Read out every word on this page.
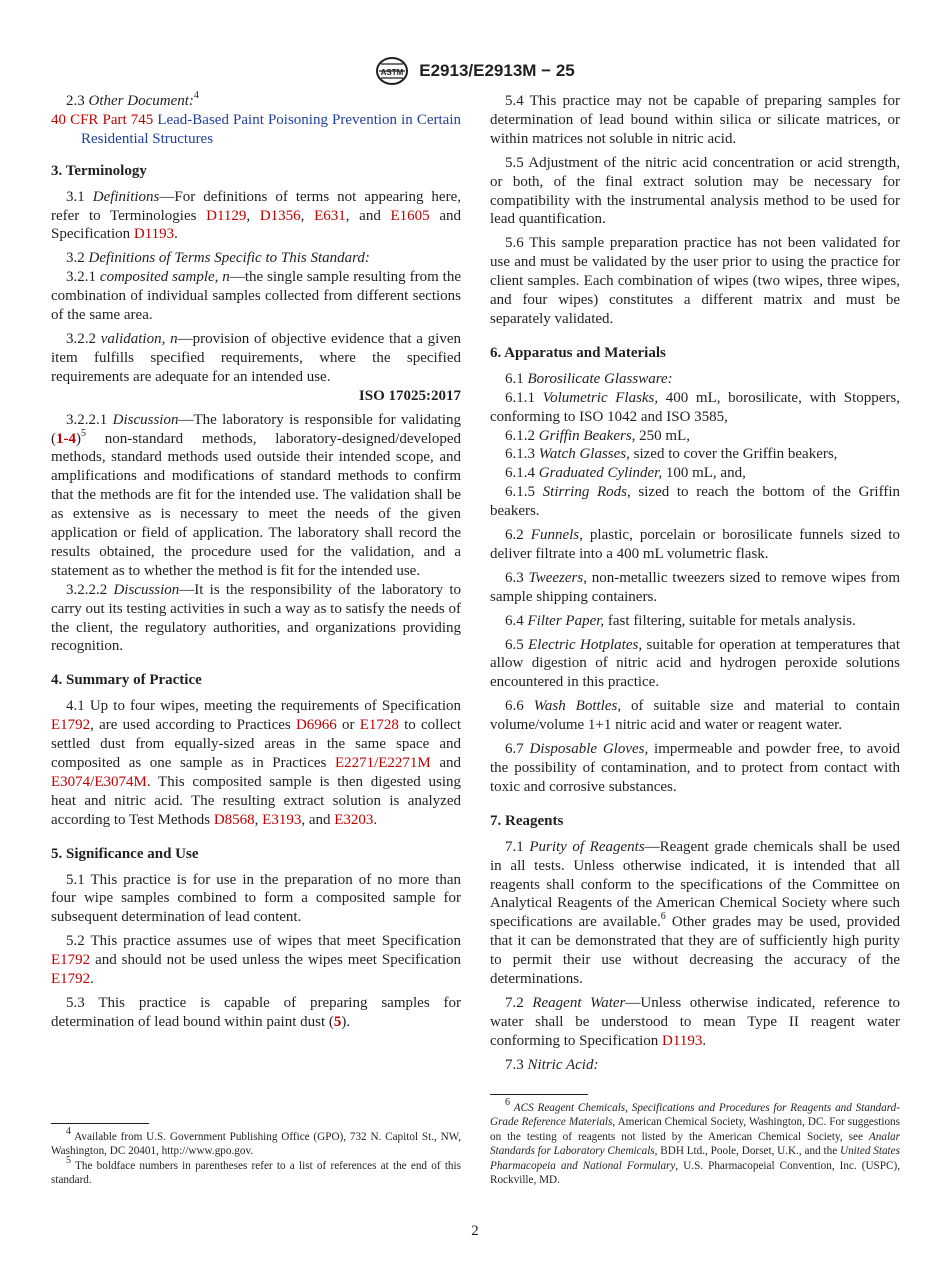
ASTM E2913/E2913M − 25

2.3 Other Document:$^4$

40 CFR Part 745 Lead-Based Paint Poisoning Prevention in Certain Residential Structures

3. Terminology

3.1 Definitions—For definitions of terms not appearing here, refer to Terminologies D1129, D1356, E631, and E1605 and Specification D1193.

3.2 Definitions of Terms Specific to This Standard:

3.2.1 composited sample, n—the single sample resulting from the combination of individual samples collected from different sections of the same area.

3.2.2 validation, n—provision of objective evidence that a given item fulfills specified requirements, where the specified requirements are adequate for an intended use.

ISO 17025:2017

3.2.2.1 Discussion—The laboratory is responsible for validating $(1-4)^5$ non-standard methods, laboratory-designed/developed methods, standard methods used outside their intended scope, and amplifications and modifications of standard methods to confirm that the methods are fit for the intended use. The validation shall be as extensive as is necessary to meet the needs of the given application or field of application. The laboratory shall record the results obtained, the procedure used for the validation, and a statement as to whether the method is fit for the intended use.

3.2.2.2 Discussion—It is the responsibility of the laboratory to carry out its testing activities in such a way as to satisfy the needs of the client, the regulatory authorities, and organizations providing recognition.

4. Summary of Practice

4.1 Up to four wipes, meeting the requirements of Specification E1792, are used according to Practices D6966 or E1728 to collect settled dust from equally-sized areas in the same space and composited as one sample as in Practices E2271/E2271M and E3074/E3074M. This composited sample is then digested using heat and nitric acid. The resulting extract solution is analyzed according to Test Methods D8568, E3193, and E3203.

5. Significance and Use

5.1 This practice is for use in the preparation of no more than four wipe samples combined to form a composited sample for subsequent determination of lead content.

5.2 This practice assumes use of wipes that meet Specification E1792 and should not be used unless the wipes meet Specification E1792.

5.3 This practice is capable of preparing samples for determination of lead bound within paint dust (5).

$^4$ Available from U.S. Government Publishing Office (GPO), 732 N. Capitol St., NW, Washington, DC 20401, http://www.gpo.gov.

$^5$ The boldface numbers in parentheses refer to a list of references at the end of this standard.

5.4 This practice may not be capable of preparing samples for determination of lead bound within silica or silicate matrices, or within matrices not soluble in nitric acid.

5.5 Adjustment of the nitric acid concentration or acid strength, or both, of the final extract solution may be necessary for compatibility with the instrumental analysis method to be used for lead quantification.

5.6 This sample preparation practice has not been validated for use and must be validated by the user prior to using the practice for client samples. Each combination of wipes (two wipes, three wipes, and four wipes) constitutes a different matrix and must be separately validated.

6. Apparatus and Materials

6.1 Borosilicate Glassware:

6.1.1 Volumetric Flasks, 400 mL, borosilicate, with Stoppers, conforming to ISO 1042 and ISO 3585,

6.1.2 Griffin Beakers, 250 mL,

6.1.3 Watch Glasses, sized to cover the Griffin beakers,

6.1.4 Graduated Cylinder, 100 mL, and,

6.1.5 Stirring Rods, sized to reach the bottom of the Griffin beakers.

6.2 Funnels, plastic, porcelain or borosilicate funnels sized to deliver filtrate into a 400 mL volumetric flask.

6.3 Tweezers, non-metallic tweezers sized to remove wipes from sample shipping containers.

6.4 Filter Paper, fast filtering, suitable for metals analysis.

6.5 Electric Hotplates, suitable for operation at temperatures that allow digestion of nitric acid and hydrogen peroxide solutions encountered in this practice.

6.6 Wash Bottles, of suitable size and material to contain volume/volume 1+1 nitric acid and water or reagent water.

6.7 Disposable Gloves, impermeable and powder free, to avoid the possibility of contamination, and to protect from contact with toxic and corrosive substances.

7. Reagents

7.1 Purity of Reagents—Reagent grade chemicals shall be used in all tests. Unless otherwise indicated, it is intended that all reagents shall conform to the specifications of the Committee on Analytical Reagents of the American Chemical Society where such specifications are available.$^6$ Other grades may be used, provided that it can be demonstrated that they are of sufficiently high purity to permit their use without decreasing the accuracy of the determinations.

7.2 Reagent Water—Unless otherwise indicated, reference to water shall be understood to mean Type II reagent water conforming to Specification D1193.

7.3 Nitric Acid:

$^6$ ACS Reagent Chemicals, Specifications and Procedures for Reagents and Standard-Grade Reference Materials, American Chemical Society, Washington, DC. For suggestions on the testing of reagents not listed by the American Chemical Society, see Analar Standards for Laboratory Chemicals, BDH Ltd., Poole, Dorset, U.K., and the United States Pharmacopeia and National Formulary, U.S. Pharmacopeial Convention, Inc. (USPC), Rockville, MD.

2
